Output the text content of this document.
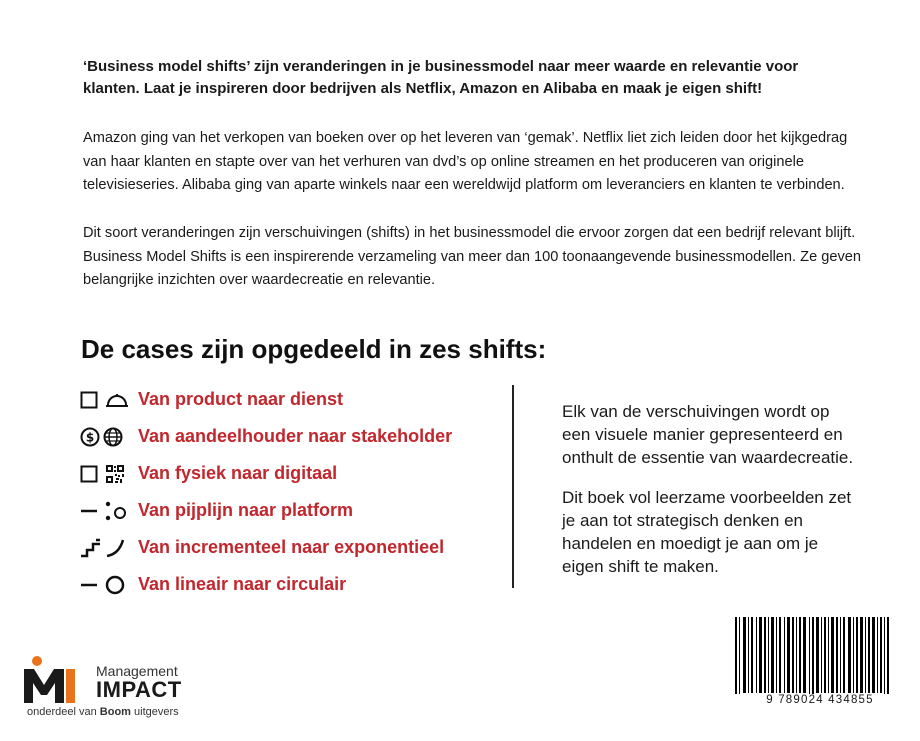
‘Business model shifts’ zijn veranderingen in je businessmodel naar meer waarde en relevantie voor klanten. Laat je inspireren door bedrijven als Netflix, Amazon en Alibaba en maak je eigen shift!

Amazon ging van het verkopen van boeken over op het leveren van ‘gemak’. Netflix liet zich leiden door het kijkgedrag van haar klanten en stapte over van het verhuren van dvd’s op online streamen en het produceren van originele televisieseries. Alibaba ging van aparte winkels naar een wereldwijd platform om leveranciers en klanten te verbinden.

Dit soort veranderingen zijn verschuivingen (shifts) in het businessmodel die ervoor zorgen dat een bedrijf relevant blijft. Business Model Shifts is een inspirerende verzameling van meer dan 100 toonaangevende businessmodellen. Ze geven belangrijke inzichten over waardecreatie en relevantie.

De cases zijn opgedeeld in zes shifts:
Van product naar dienst
$ Van aandeelhouder naar stakeholder
Van fysiek naar digitaal
Van pijplijn naar platform
Van incrementeel naar exponentieel
Van lineair naar circulair

Elk van de verschuivingen wordt op een visuele manier gepresenteerd en onthult de essentie van waardecreatie.

Dit boek vol leerzame voorbeelden zet je aan tot strategisch denken en handelen en moedigt je aan om je eigen shift te maken.

9 789024 434855
Management
IMPACT
onderdeel van Boom uitgevers
